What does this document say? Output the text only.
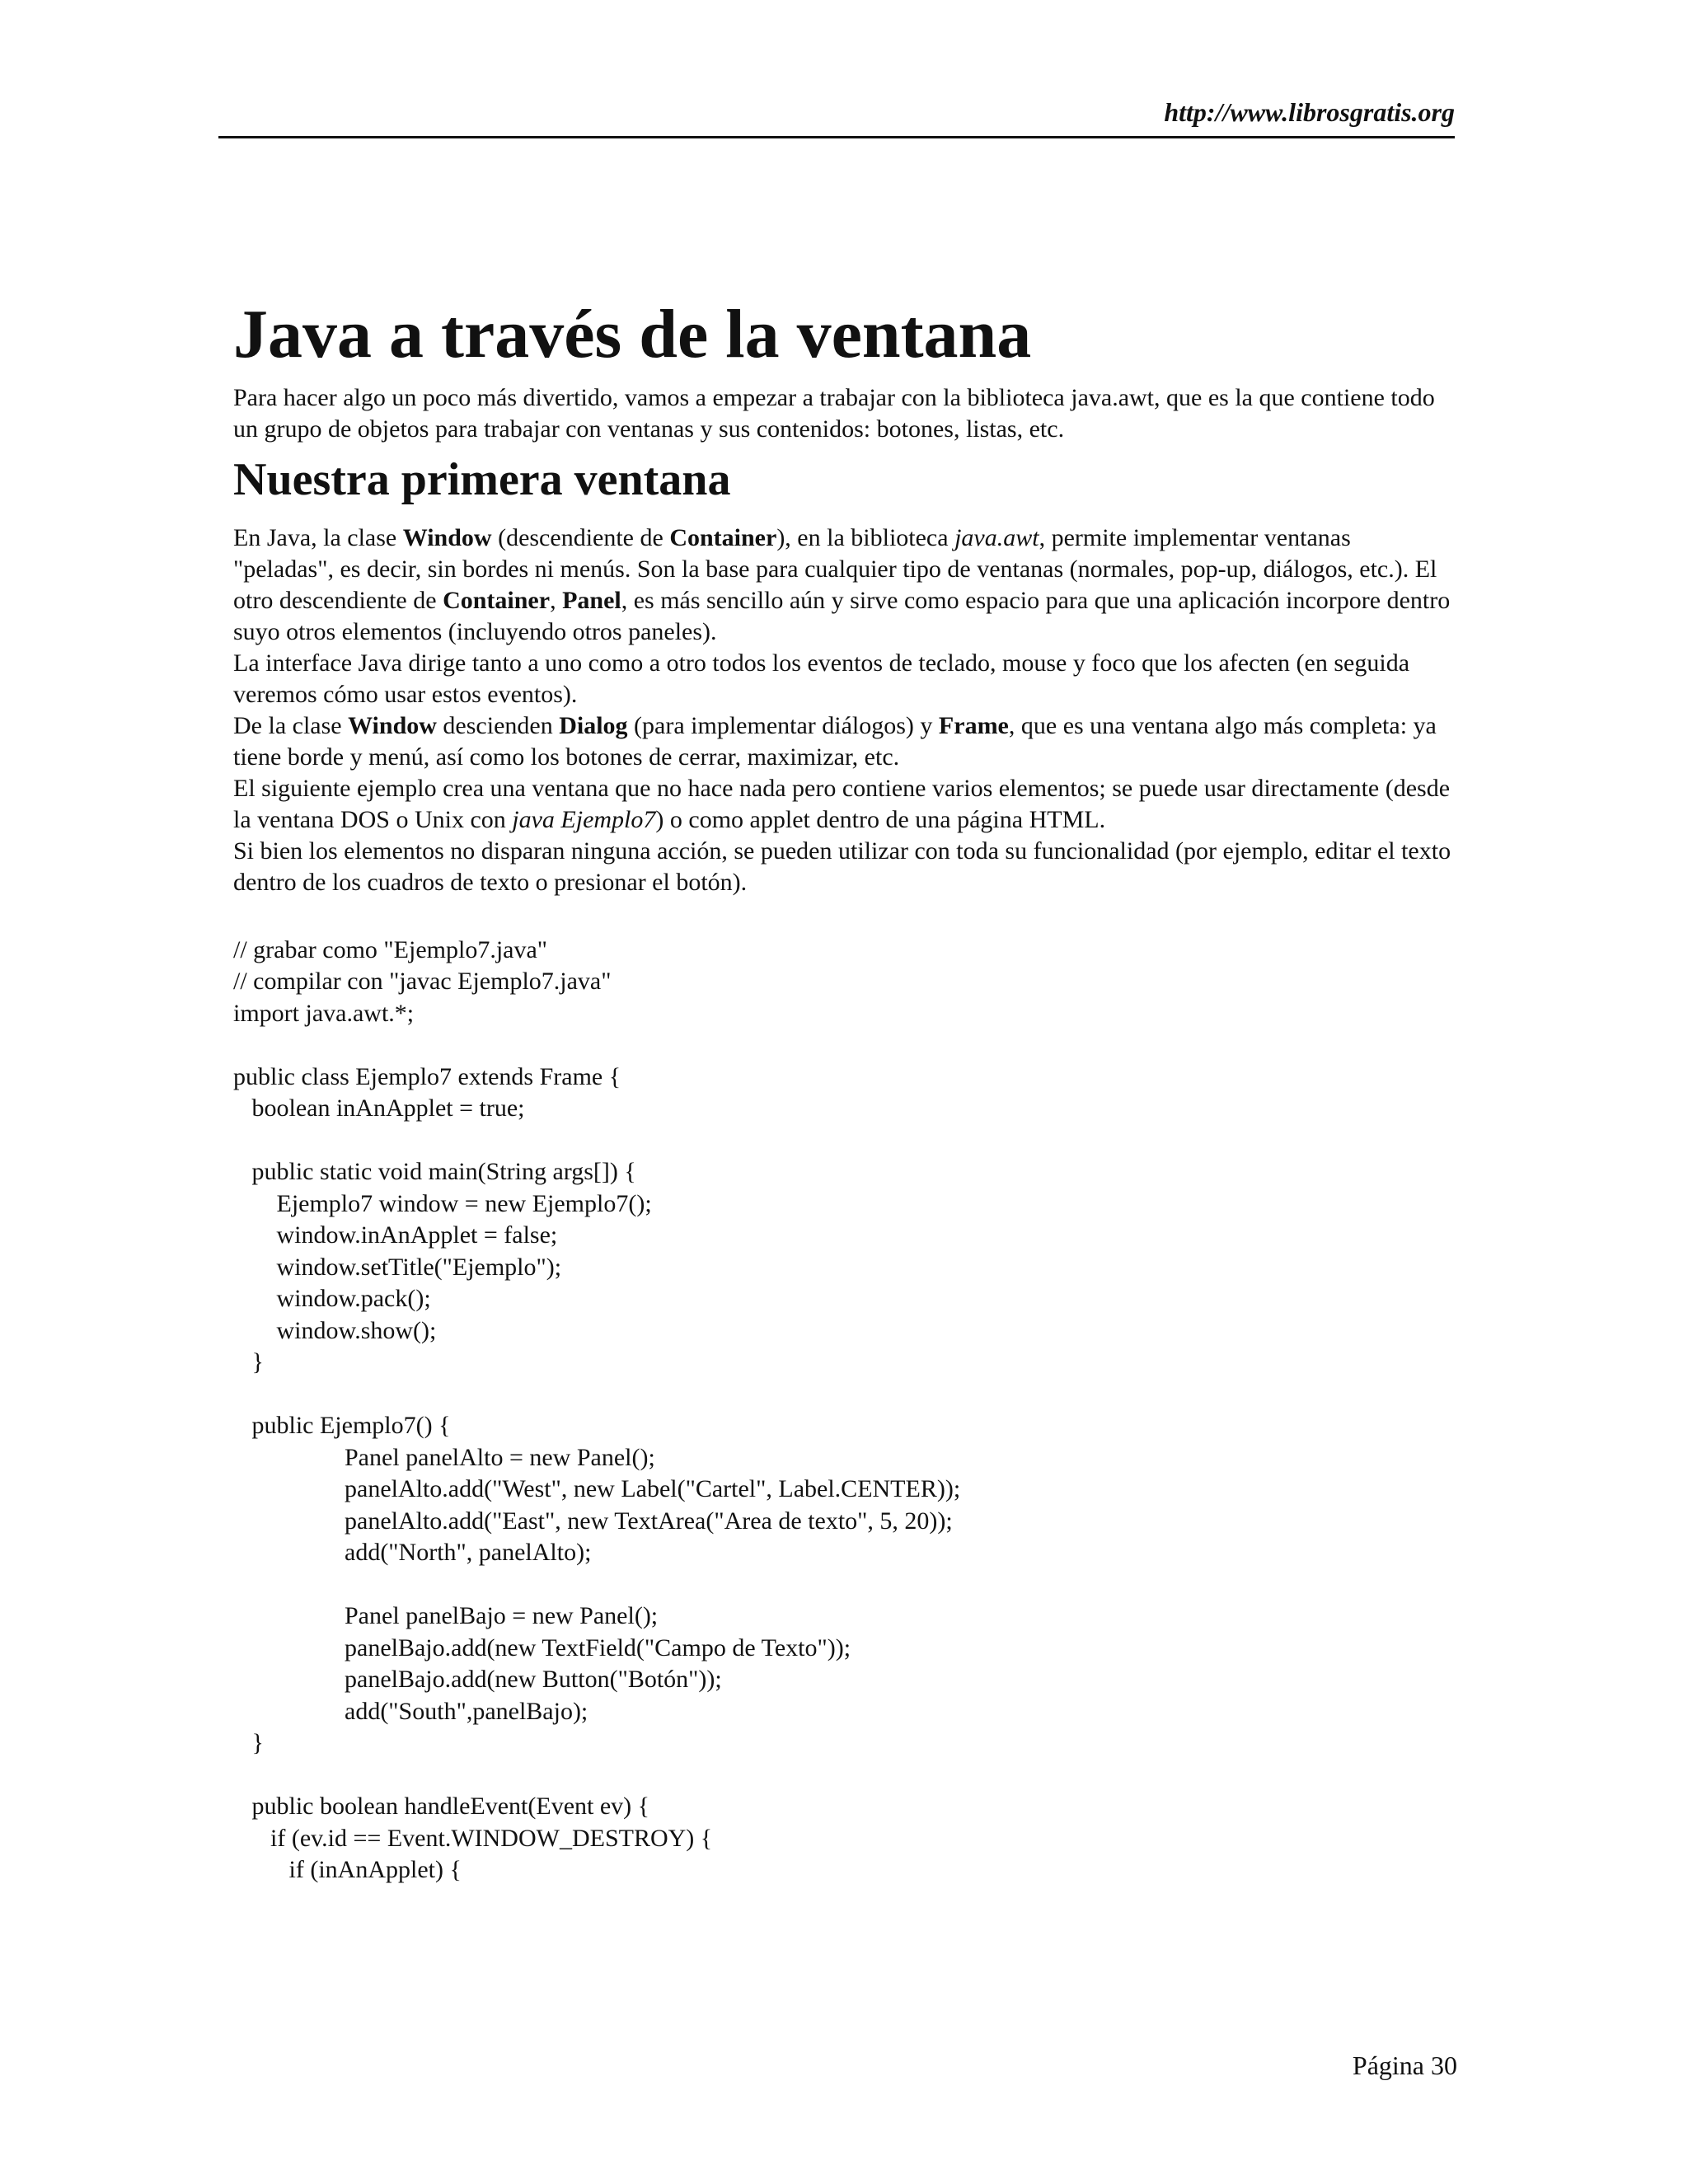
http://www.librosgratis.org
Java a través de la ventana

Para hacer algo un poco más divertido, vamos a empezar a trabajar con la biblioteca java.awt, que es la que contiene todo un grupo de objetos para trabajar con ventanas y sus contenidos: botones, listas, etc.

Nuestra primera ventana

En Java, la clase Window (descendiente de Container), en la biblioteca java.awt, permite implementar ventanas "peladas", es decir, sin bordes ni menús. Son la base para cualquier tipo de ventanas (normales, pop-up, diálogos, etc.). El otro descendiente de Container, Panel, es más sencillo aún y sirve como espacio para que una aplicación incorpore dentro suyo otros elementos (incluyendo otros paneles).

La interface Java dirige tanto a uno como a otro todos los eventos de teclado, mouse y foco que los afecten (en seguida veremos cómo usar estos eventos).

De la clase Window descienden Dialog (para implementar diálogos) y Frame, que es una ventana algo más completa: ya tiene borde y menú, así como los botones de cerrar, maximizar, etc.

El siguiente ejemplo crea una ventana que no hace nada pero contiene varios elementos; se puede usar directamente (desde la ventana DOS o Unix con java Ejemplo7) o como applet dentro de una página HTML.

Si bien los elementos no disparan ninguna acción, se pueden utilizar con toda su funcionalidad (por ejemplo, editar el texto dentro de los cuadros de texto o presionar el botón).

// grabar como "Ejemplo7.java"
// compilar con "javac Ejemplo7.java"
import java.awt.*;
public class Ejemplo7 extends Frame {
boolean inAnApplet = true;
public static void main(String args[]) {
Ejemplo7 window = new Ejemplo7();
window.inAnApplet = false;
window.setTitle("Ejemplo");
window.pack();
window.show();
}
public Ejemplo7() {
Panel panelAlto = new Panel();
panelAlto.add("West", new Label("Cartel", Label.CENTER));
panelAlto.add("East", new TextArea("Area de texto", 5, 20));
add("North", panelAlto);
Panel panelBajo = new Panel();
panelBajo.add(new TextField("Campo de Texto"));
panelBajo.add(new Button("Botón"));
add("South",panelBajo);
}
public boolean handleEvent(Event ev) {
if (ev.id == Event.WINDOW_DESTROY) {
if (inAnApplet) {
Página 30
